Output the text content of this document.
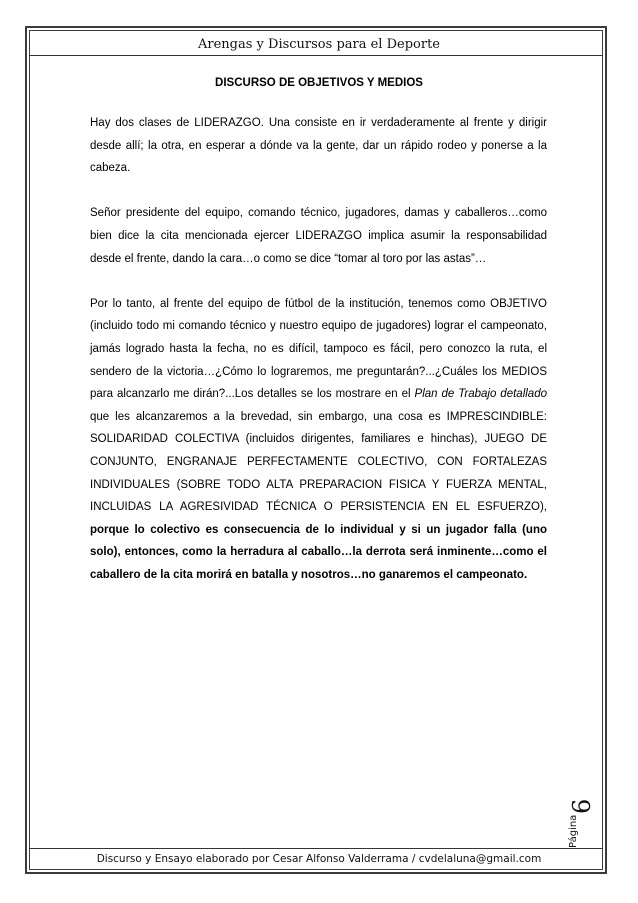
Arengas y Discursos para el Deporte
DISCURSO DE OBJETIVOS Y MEDIOS

Hay dos clases de LIDERAZGO. Una consiste en ir verdaderamente al frente y dirigir desde allí; la otra, en esperar a dónde va la gente, dar un rápido rodeo y ponerse a la cabeza.

Señor presidente del equipo, comando técnico, jugadores, damas y caballeros…como bien dice la cita mencionada ejercer LIDERAZGO implica asumir la responsabilidad desde el frente, dando la cara…o como se dice “tomar al toro por las astas”…

Por lo tanto, al frente del equipo de fútbol de la institución, tenemos como OBJETIVO (incluido todo mi comando técnico y nuestro equipo de jugadores) lograr el campeonato, jamás logrado hasta la fecha, no es difícil, tampoco es fácil, pero conozco la ruta, el sendero de la victoria…¿Cómo lo lograremos, me preguntarán?...¿Cuáles los MEDIOS para alcanzarlo me dirán?...Los detalles se los mostrare en el Plan de Trabajo detallado que les alcanzaremos a la brevedad, sin embargo, una cosa es IMPRESCINDIBLE: SOLIDARIDAD COLECTIVA (incluidos dirigentes, familiares e hinchas), JUEGO DE CONJUNTO, ENGRANAJE PERFECTAMENTE COLECTIVO, CON FORTALEZAS INDIVIDUALES (SOBRE TODO ALTA PREPARACION FISICA Y FUERZA MENTAL, INCLUIDAS LA AGRESIVIDAD TÉCNICA O PERSISTENCIA EN EL ESFUERZO), porque lo colectivo es consecuencia de lo individual y si un jugador falla (uno solo), entonces, como la herradura al caballo…la derrota será inminente…como el caballero de la cita morirá en batalla y nosotros…no ganaremos el campeonato.

Página
6
Discurso y Ensayo elaborado por Cesar Alfonso Valderrama / cvdelaluna@gmail.com
